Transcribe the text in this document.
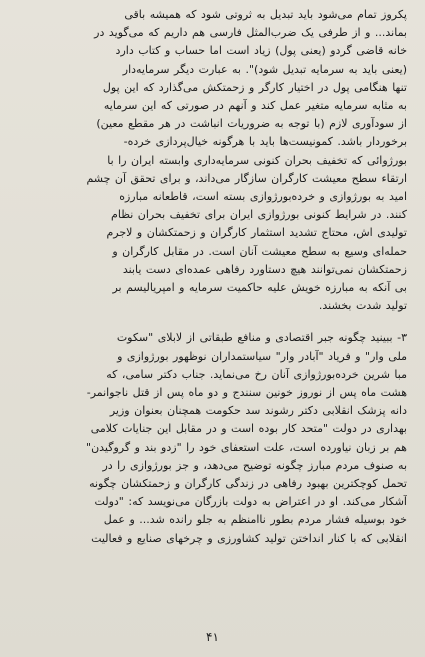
پکروز تمام می‌شود باید تبدیل به ثروتی شود که همیشه باقی
بماند... و از طرفی یک ضرب‌المثل فارسی هم داریم که می‌گوید در
خانه قاضی گردو (یعنی پول) زیاد است اما حساب و کتاب دارد
(یعنی باید به سرمایه تبدیل شود)". به عبارت دیگر سرمایه‌دار
تنها هنگامی پول در اختیار کارگر و زحمتکش می‌گذارد که این پول
به مثابه سرمایه متغیر عمل کند و آنهم در صورتی که این سرمایه
از سودآوری لازم (با توجه به ضروریات انباشت در هر مقطع معین)
برخوردار باشد. کمونیست‌ها باید با هرگونه خیال‌پردازی خرده-
بورژوائی که تخفیف بحران کنونی سرمایه‌داری وابسته ایران را با
ارتقاء سطح معیشت کارگران سازگار می‌داند، و برای تحقق آن چشم
امید به بورژوازی و خرده‌بورژوازی بسته است، قاطعانه مبارزه
کنند. در شرایط کنونی بورژوازی ایران برای تخفیف بحران نظام
تولیدی اش، محتاج تشدید استثمار کارگران و زحمتکشان و لاجرم
حمله‌ای وسیع به سطح معیشت آنان است. در مقابل کارگران و
زحمتکشان نمی‌توانند هیچ دستاورد رفاهی عمده‌ای دست یابند
بی آنکه به مبارزه خویش علیه حاکمیت سرمایه و امپریالیسم بر
تولید شدت بخشند.
۳- ببینید چگونه جبر اقتصادی و منافع طبقاتی از لابلای "سکوت
ملی وار" و فریاد "آبادر وار" سیاستمداران نوظهور بورژوازی و
مبا شرین خرده‌بورژوازی آنان رخ می‌نماید. جناب دکتر سامی، که
هشت ماه پس از نوروز خونین سنندج و دو ماه پس از قتل ناجوانمر-
دانه پزشک انقلابی دکتر رشوند سد حکومت همچنان بعنوان وزیر
بهداری در دولت "متحد کار بوده است و در مقابل این جنایات کلامی
هم بر زبان نیاورده است، علت استعفای خود را "زدو بند و گروگیدن"
به صنوف مردم مبارز چگونه توضیح می‌دهد، و جز بورژوازی را در
تحمل کوچکترین بهبود رفاهی در زندگی کارگران و زحمتکشان چگونه
آشکار می‌کند. او در اعتراض به دولت بازرگان می‌نویسد که: "دولت
خود بوسیله فشار مردم بطور ناامنظم به جلو رانده شد... و عمل
انقلابی که با کنار انداختن تولید کشاورزی و چرخهای صنایع و فعالیت
۴۱
